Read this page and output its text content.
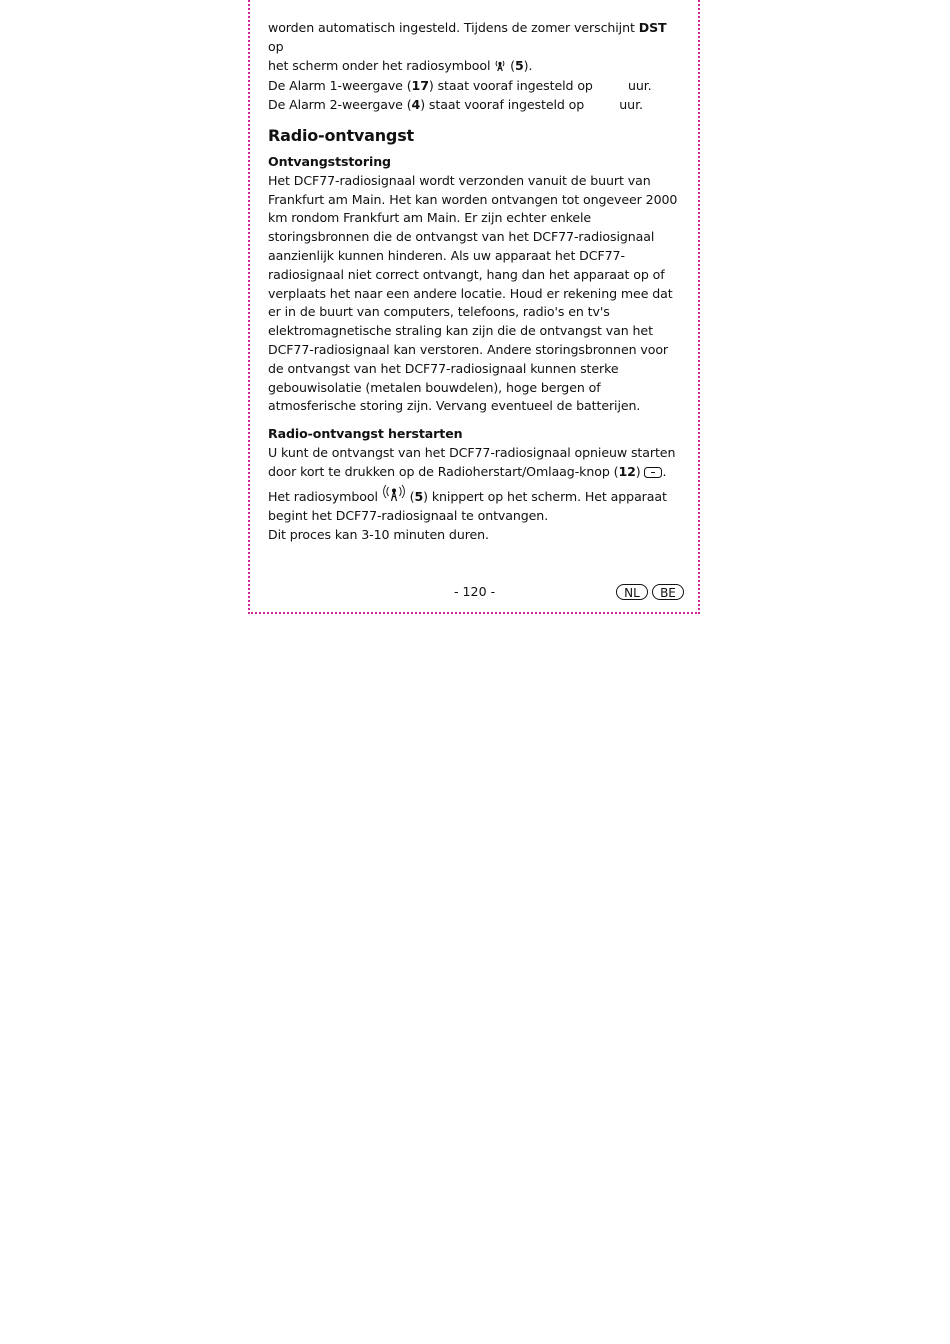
worden automatisch ingesteld. Tijdens de zomer verschijnt DST op
het scherm onder het radiosymbool  (5).

De Alarm 1-weergave (17) staat vooraf ingesteld op         uur.

De Alarm 2-weergave (4) staat vooraf ingesteld op         uur.

Radio-ontvangst
Ontvangststoring

Het DCF77-radiosignaal wordt verzonden vanuit de buurt van Frankfurt am Main. Het kan worden ontvangen tot ongeveer 2000 km rondom Frankfurt am Main. Er zijn echter enkele storingsbronnen die de ontvangst van het DCF77-radiosignaal aanzienlijk kunnen hinderen. Als uw apparaat het DCF77-radiosignaal niet correct ontvangt, hang dan het apparaat op of verplaats het naar een andere locatie. Houd er rekening mee dat er in de buurt van computers, telefoons, radio's en tv's elektromagnetische straling kan zijn die de ontvangst van het DCF77-radiosignaal kan verstoren. Andere storingsbronnen voor de ontvangst van het DCF77-radiosignaal kunnen sterke gebouwisolatie (metalen bouwdelen), hoge bergen of atmosferische storing zijn. Vervang eventueel de batterijen.

Radio-ontvangst herstarten

U kunt de ontvangst van het DCF77-radiosignaal opnieuw starten door kort te drukken op de Radioherstart/Omlaag-knop (12) .
Het radiosymbool  (5) knippert op het scherm. Het apparaat begint het DCF77-radiosignaal te ontvangen.
Dit proces kan 3-10 minuten duren.

- 120 -	NL	BE
